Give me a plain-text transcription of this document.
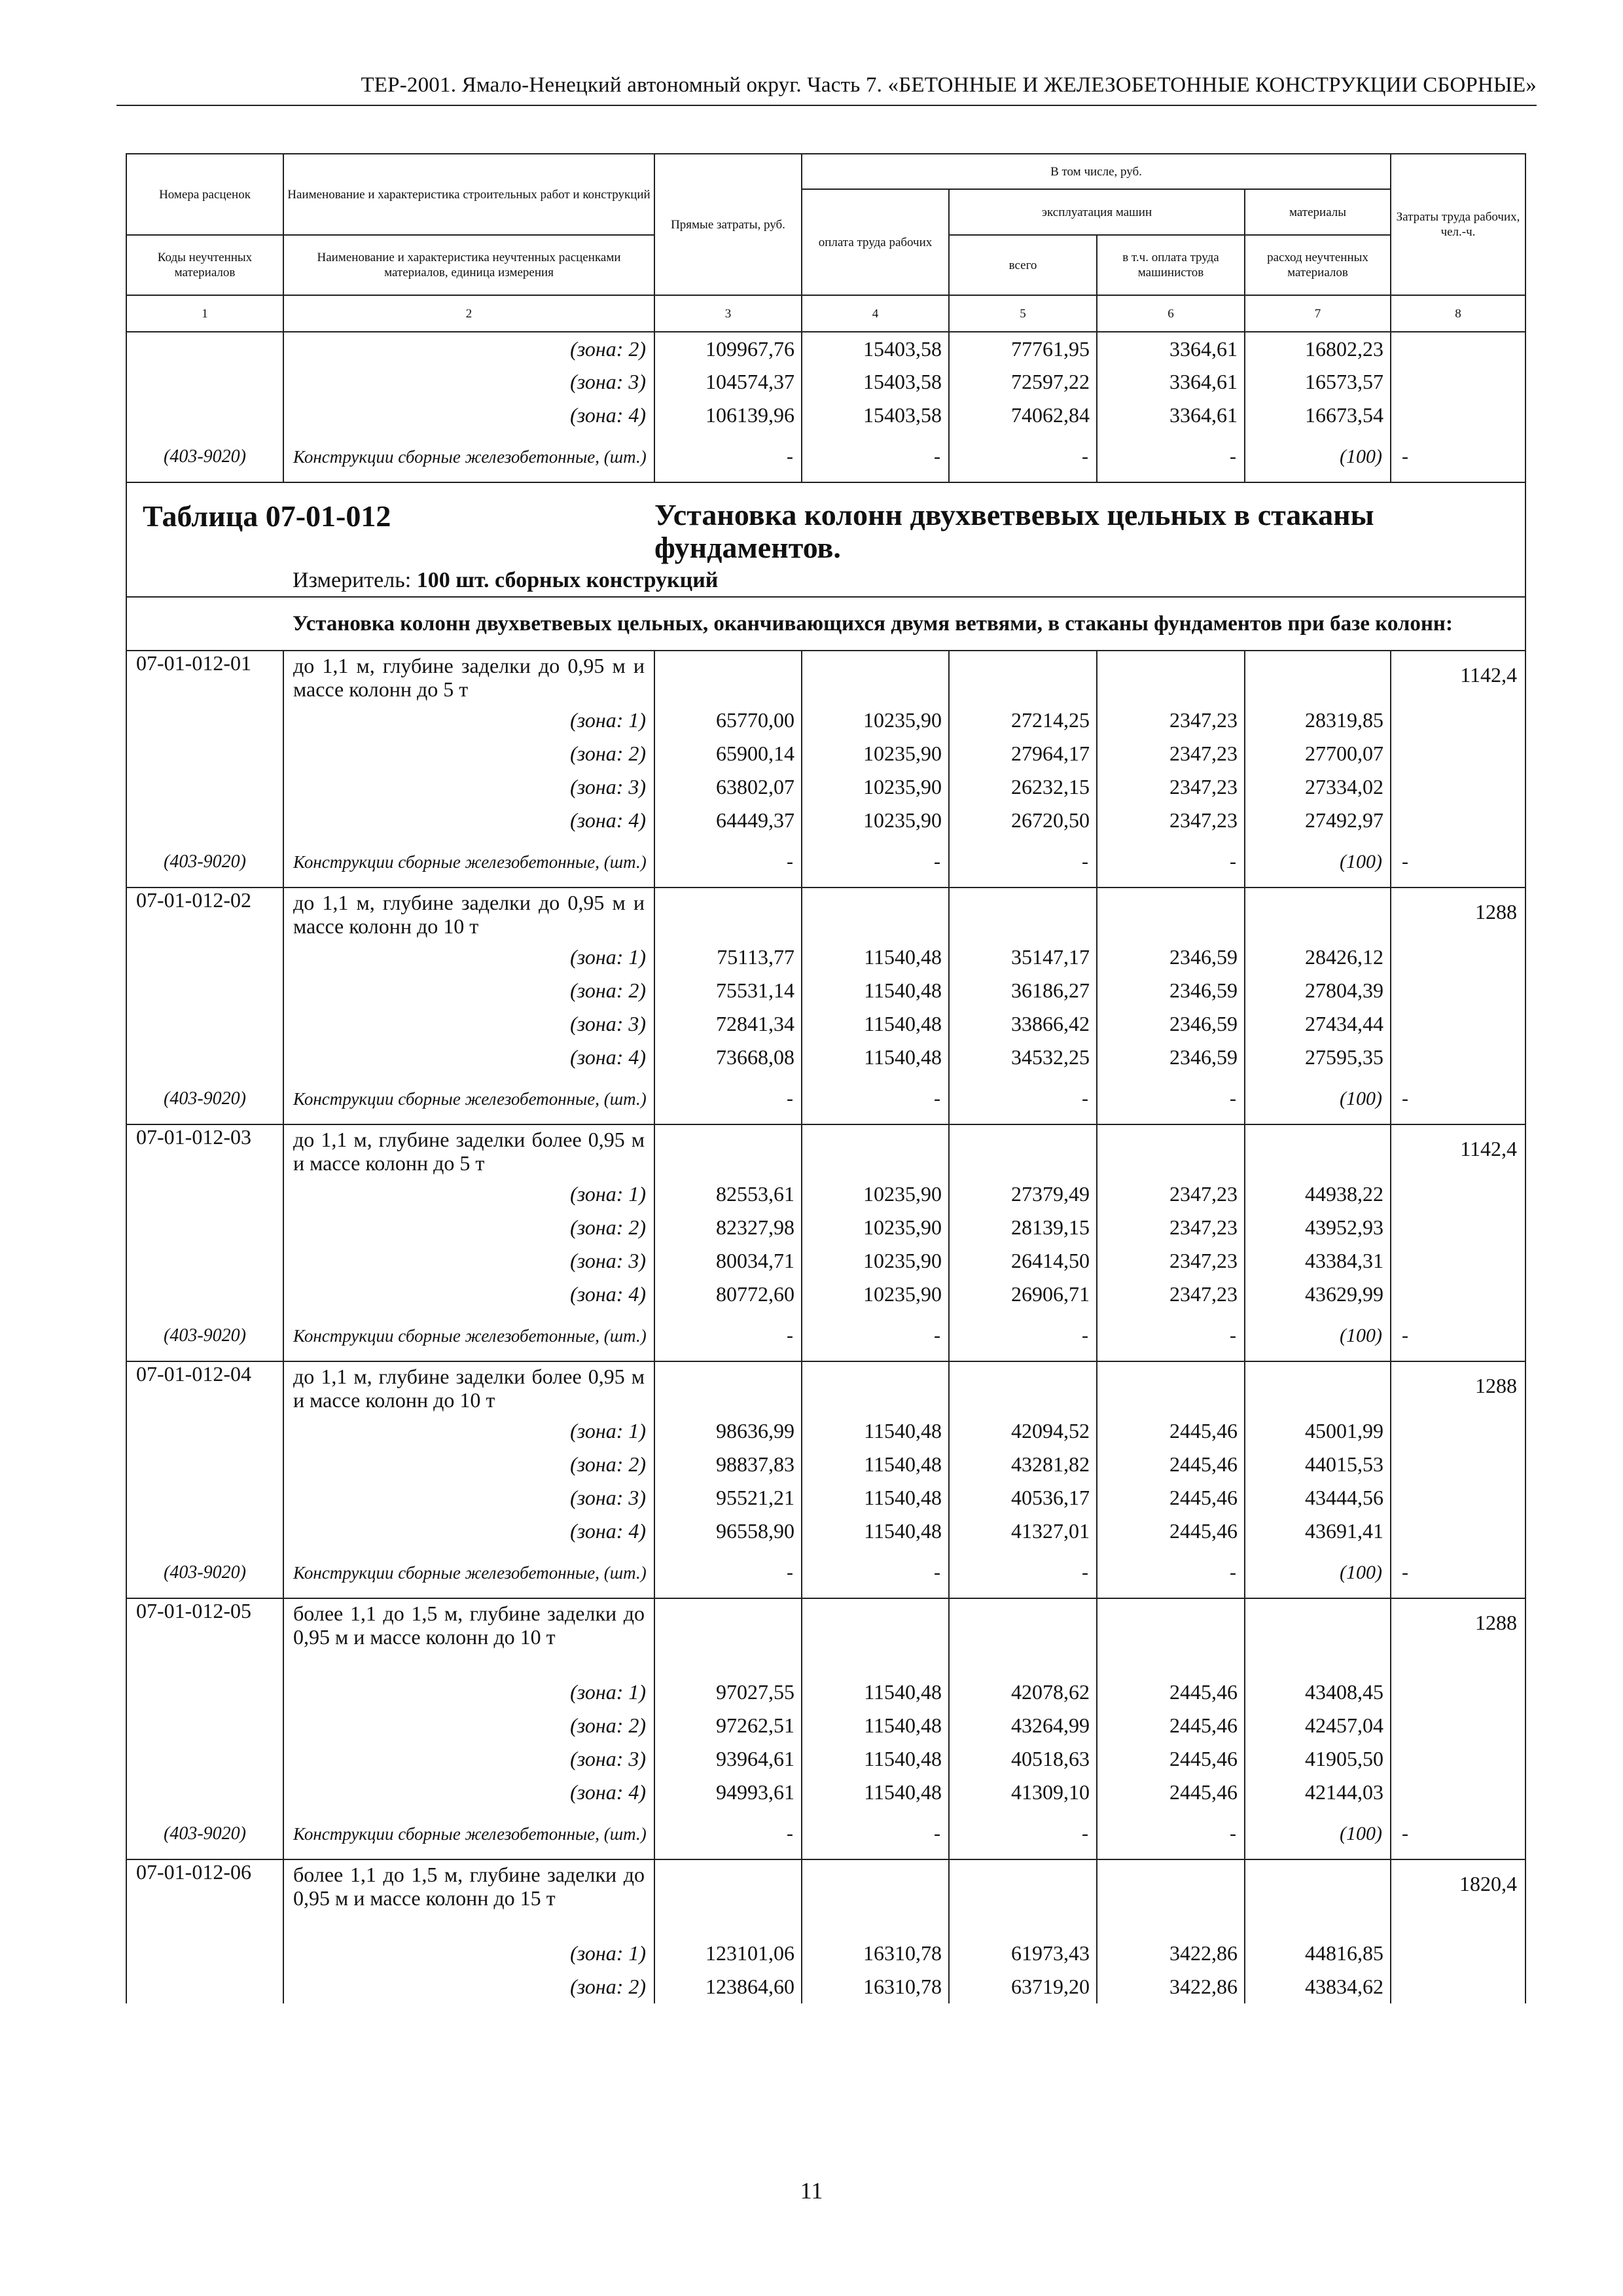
ТЕР-2001. Ямало-Ненецкий автономный округ. Часть 7. «БЕТОННЫЕ И ЖЕЛЕЗОБЕТОННЫЕ КОНСТРУКЦИИ СБОРНЫЕ»
Номера расценок	Наименование и характеристика строительных работ и конструкций	Прямые затраты, руб.	В том числе, руб.				Затраты труда рабочих, чел.-ч.
			оплата труда рабочих	эксплуатация машин		материалы	
Коды неучтенных материалов	Наименование и характеристика неучтенных расценками материалов, единица измерения			всего	в т.ч. оплата труда машинистов	расход неучтенных материалов	
1	2	3	4	5	6	7	8
	(зона: 2)	109967,76	15403,58	77761,95	3364,61	16802,23	
	(зона: 3)	104574,37	15403,58	72597,22	3364,61	16573,57	
	(зона: 4)	106139,96	15403,58	74062,84	3364,61	16673,54	
(403-9020)	Конструкции сборные железобетонные, (шт.)	-	-	-	-	(100)	-
Таблица 07-01-012		Установка колонн двухветвевых цельных в стаканы фундаментов.					
	Измеритель: 100 шт. сборных конструкций						
	Установка колонн двухветвевых цельных, оканчивающихся двумя ветвями, в стаканы фундаментов при базе колонн:						
07-01-012-01	до 1,1 м, глубине заделки до 0,95 м и массе колонн до 5 т						1142,4
	(зона: 1)	65770,00	10235,90	27214,25	2347,23	28319,85	
	(зона: 2)	65900,14	10235,90	27964,17	2347,23	27700,07	
	(зона: 3)	63802,07	10235,90	26232,15	2347,23	27334,02	
	(зона: 4)	64449,37	10235,90	26720,50	2347,23	27492,97	
(403-9020)	Конструкции сборные железобетонные, (шт.)	-	-	-	-	(100)	-
07-01-012-02	до 1,1 м, глубине заделки до 0,95 м и массе колонн до 10 т						1288
	(зона: 1)	75113,77	11540,48	35147,17	2346,59	28426,12	
	(зона: 2)	75531,14	11540,48	36186,27	2346,59	27804,39	
	(зона: 3)	72841,34	11540,48	33866,42	2346,59	27434,44	
	(зона: 4)	73668,08	11540,48	34532,25	2346,59	27595,35	
(403-9020)	Конструкции сборные железобетонные, (шт.)	-	-	-	-	(100)	-
07-01-012-03	до 1,1 м, глубине заделки более 0,95 м и массе колонн до 5 т						1142,4
	(зона: 1)	82553,61	10235,90	27379,49	2347,23	44938,22	
	(зона: 2)	82327,98	10235,90	28139,15	2347,23	43952,93	
	(зона: 3)	80034,71	10235,90	26414,50	2347,23	43384,31	
	(зона: 4)	80772,60	10235,90	26906,71	2347,23	43629,99	
(403-9020)	Конструкции сборные железобетонные, (шт.)	-	-	-	-	(100)	-
07-01-012-04	до 1,1 м, глубине заделки более 0,95 м и массе колонн до 10 т						1288
	(зона: 1)	98636,99	11540,48	42094,52	2445,46	45001,99	
	(зона: 2)	98837,83	11540,48	43281,82	2445,46	44015,53	
	(зона: 3)	95521,21	11540,48	40536,17	2445,46	43444,56	
	(зона: 4)	96558,90	11540,48	41327,01	2445,46	43691,41	
(403-9020)	Конструкции сборные железобетонные, (шт.)	-	-	-	-	(100)	-
07-01-012-05	более 1,1 до 1,5 м, глубине заделки до 0,95 м и массе колонн до 10 т						1288
	(зона: 1)	97027,55	11540,48	42078,62	2445,46	43408,45	
	(зона: 2)	97262,51	11540,48	43264,99	2445,46	42457,04	
	(зона: 3)	93964,61	11540,48	40518,63	2445,46	41905,50	
	(зона: 4)	94993,61	11540,48	41309,10	2445,46	42144,03	
(403-9020)	Конструкции сборные железобетонные, (шт.)	-	-	-	-	(100)	-
07-01-012-06	более 1,1 до 1,5 м, глубине заделки до 0,95 м и массе колонн до 15 т						1820,4
	(зона: 1)	123101,06	16310,78	61973,43	3422,86	44816,85	
	(зона: 2)	123864,60	16310,78	63719,20	3422,86	43834,62	
11
